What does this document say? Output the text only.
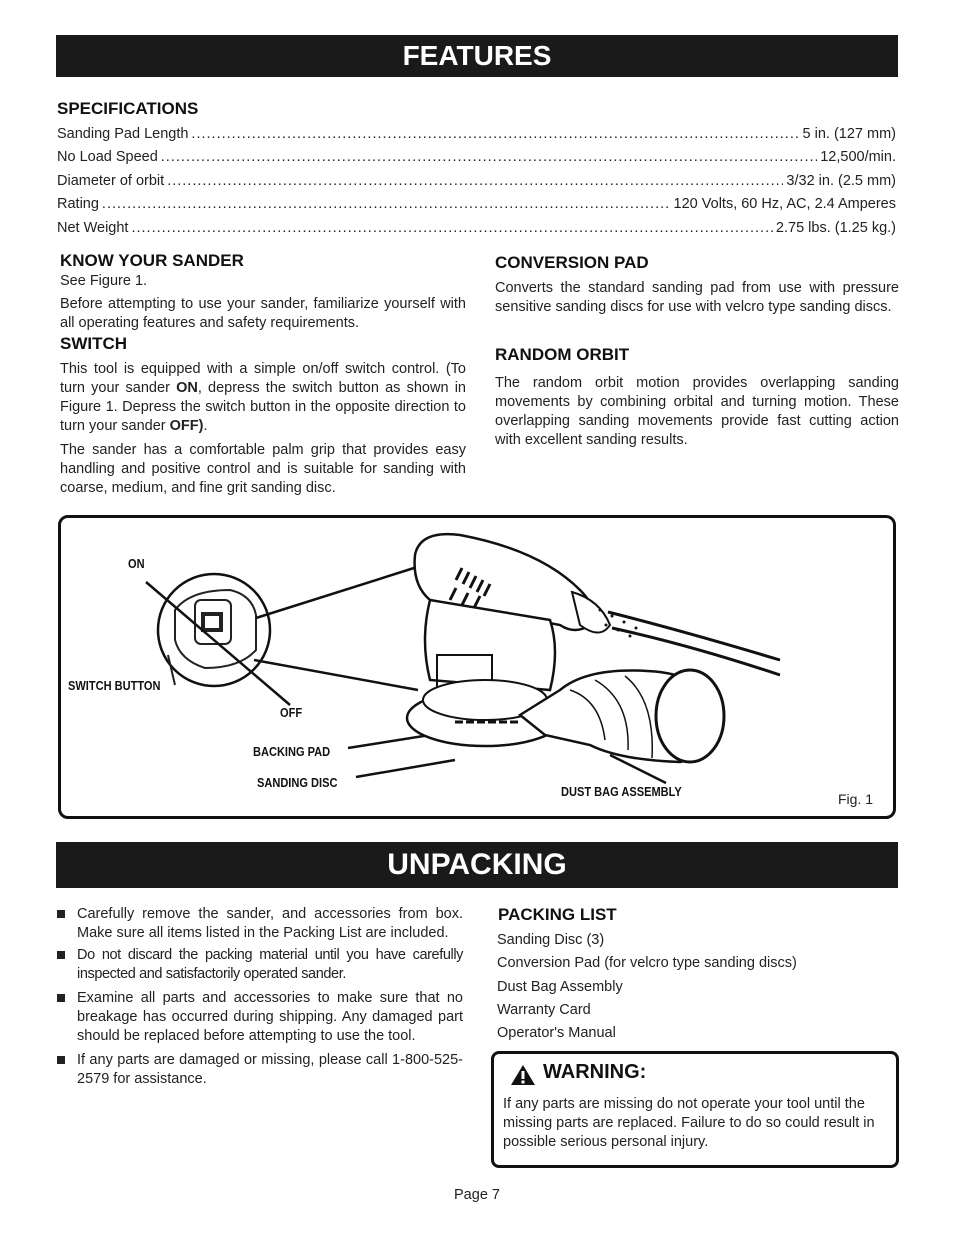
FEATURES
SPECIFICATIONS
Sanding Pad Length .....	5 in. (127 mm)
No Load Speed .....	12,500/min.
Diameter of orbit .....	3/32 in. (2.5 mm)
Rating .....	120 Volts, 60 Hz, AC, 2.4 Amperes
Net Weight .....	2.75 lbs. (1.25 kg.)
KNOW YOUR SANDER
See Figure 1.
Before attempting to use your sander, familiarize yourself with all operating features and safety requirements.
SWITCH
This tool is equipped with a simple on/off switch control. (To turn your sander ON, depress the switch button as shown in Figure 1. Depress the switch button in the opposite direction to turn your sander OFF).
The sander has a comfortable palm grip that provides easy handling and positive control and is suitable for sanding with coarse, medium, and fine grit sanding disc.
CONVERSION PAD
Converts the standard sanding pad from use with pressure sensitive sanding discs for use with velcro type sanding discs.
RANDOM ORBIT
The random orbit motion provides overlapping sanding movements by combining orbital and turning motion. These overlapping sanding movements provide fast cutting action with excellent sanding results.
ON
SWITCH BUTTON
OFF
BACKING PAD
SANDING DISC
DUST BAG ASSEMBLY	Fig. 1
UNPACKING
Carefully remove the sander, and accessories from box. Make sure all items listed in the Packing List are included.
Do not discard the packing material until you have carefully inspected and satisfactorily operated sander.
Examine all parts and accessories to make sure that no breakage has occurred during shipping. Any damaged part should be replaced before attempting to use the tool.
If any parts are damaged or missing, please call 1-800-525-2579 for assistance.
PACKING LIST
Sanding Disc (3)
Conversion Pad (for velcro type sanding discs)
Dust Bag Assembly
Warranty Card
Operator's Manual
WARNING:
If any parts are missing do not operate your tool until the missing parts are replaced. Failure to do so could result in possible serious personal injury.
Page 7
